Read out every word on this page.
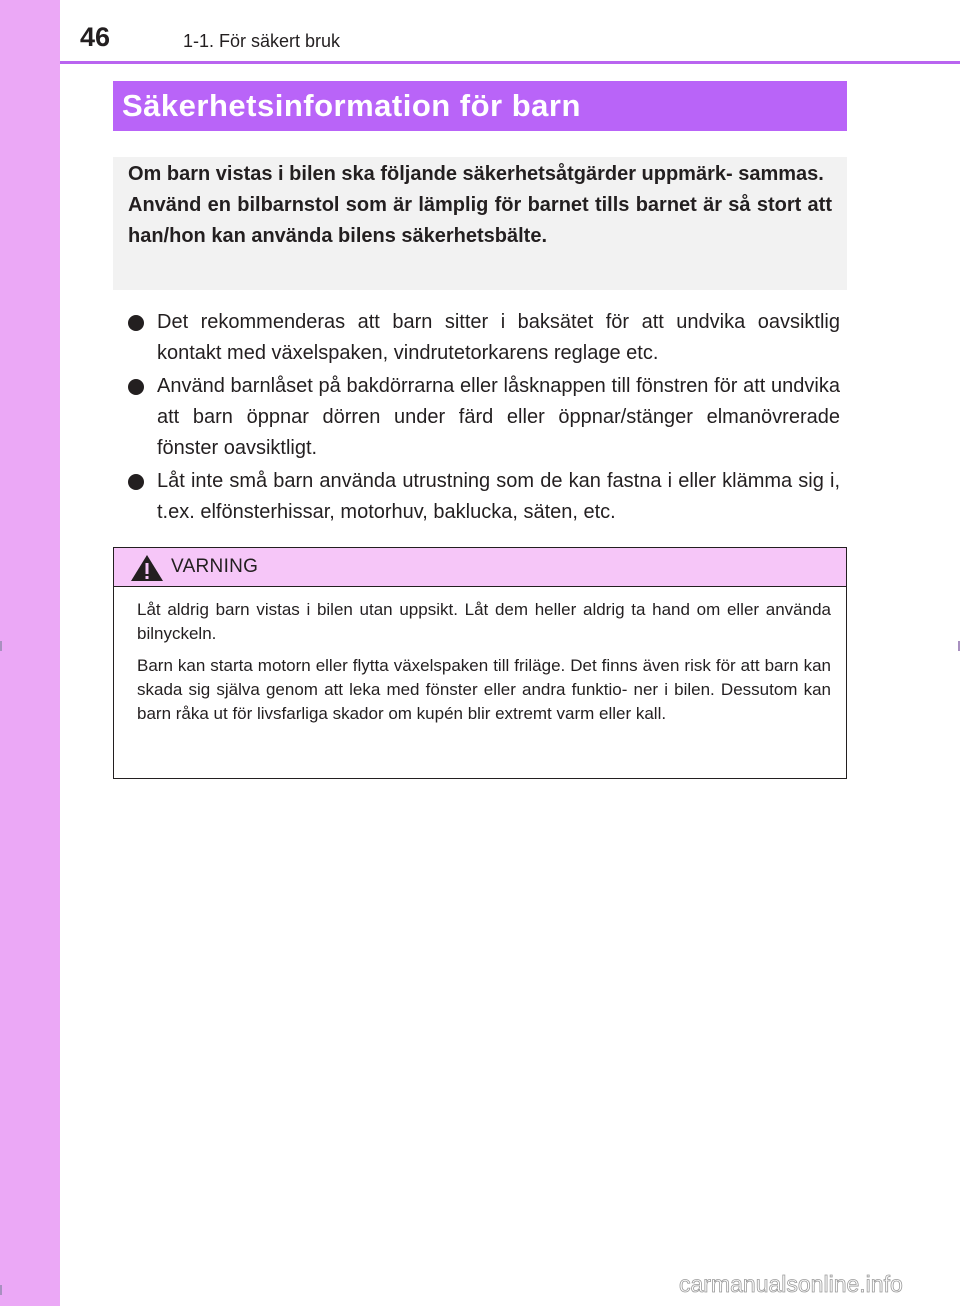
46	1-1. För säkert bruk
Säkerhetsinformation för barn

Om barn vistas i bilen ska följande säkerhetsåtgärder uppmärk- sammas.

Använd en bilbarnstol som är lämplig för barnet tills barnet är så stort att han/hon kan använda bilens säkerhetsbälte.

Det rekommenderas att barn sitter i baksätet för att undvika oavsiktlig kontakt med växelspaken, vindrutetorkarens reglage etc.
Använd barnlåset på bakdörrarna eller låsknappen till fönstren för att undvika att barn öppnar dörren under färd eller öppnar/stänger elmanövrerade fönster oavsiktligt.
Låt inte små barn använda utrustning som de kan fastna i eller klämma sig i, t.ex. elfönsterhissar, motorhuv, baklucka, säten, etc.
VARNING

Låt aldrig barn vistas i bilen utan uppsikt. Låt dem heller aldrig ta hand om eller använda bilnyckeln.

Barn kan starta motorn eller flytta växelspaken till friläge. Det finns även risk för att barn kan skada sig själva genom att leka med fönster eller andra funktio- ner i bilen. Dessutom kan barn råka ut för livsfarliga skador om kupén blir extremt varm eller kall.

carmanualsonline.info
